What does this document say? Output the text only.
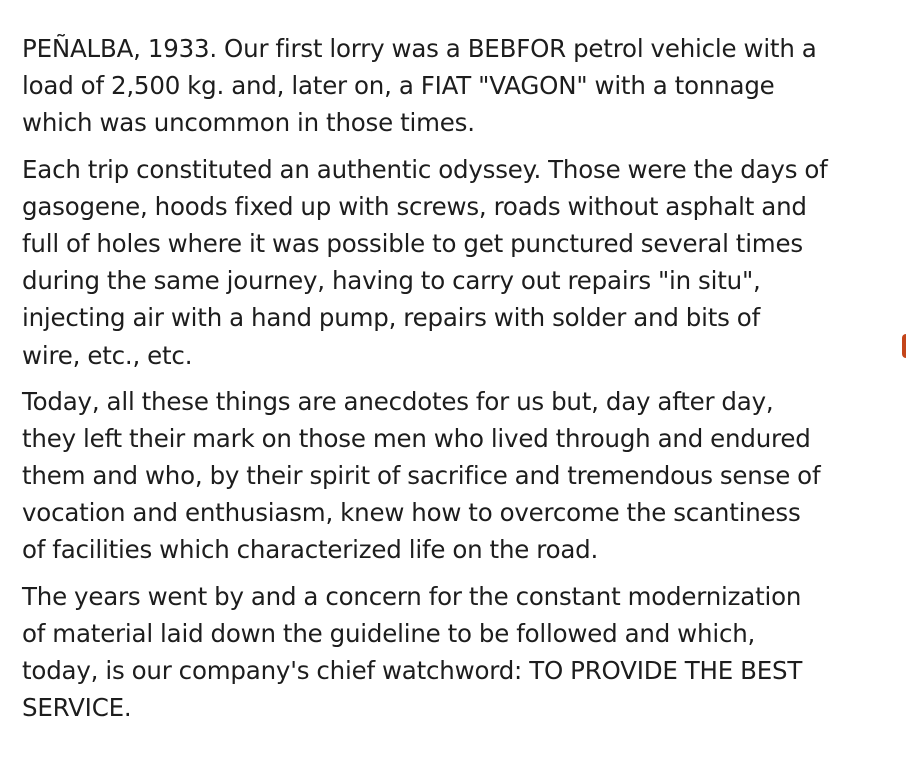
PEÑALBA, 1933. Our first lorry was a BEBFOR petrol vehicle with a
load of 2,500 kg. and, later on, a FIAT "VAGON" with a tonnage
which was uncommon in those times.

Each trip constituted an authentic odyssey. Those were the days of
gasogene, hoods fixed up with screws, roads without asphalt and
full of holes where it was possible to get punctured several times
during the same journey, having to carry out repairs "in situ",
injecting air with a hand pump, repairs with solder and bits of
wire, etc., etc.

Today, all these things are anecdotes for us but, day after day,
they left their mark on those men who lived through and endured
them and who, by their spirit of sacrifice and tremendous sense of
vocation and enthusiasm, knew how to overcome the scantiness
of facilities which characterized life on the road.

The years went by and a concern for the constant modernization
of material laid down the guideline to be followed and which,
today, is our company's chief watchword: TO PROVIDE THE BEST
SERVICE.
